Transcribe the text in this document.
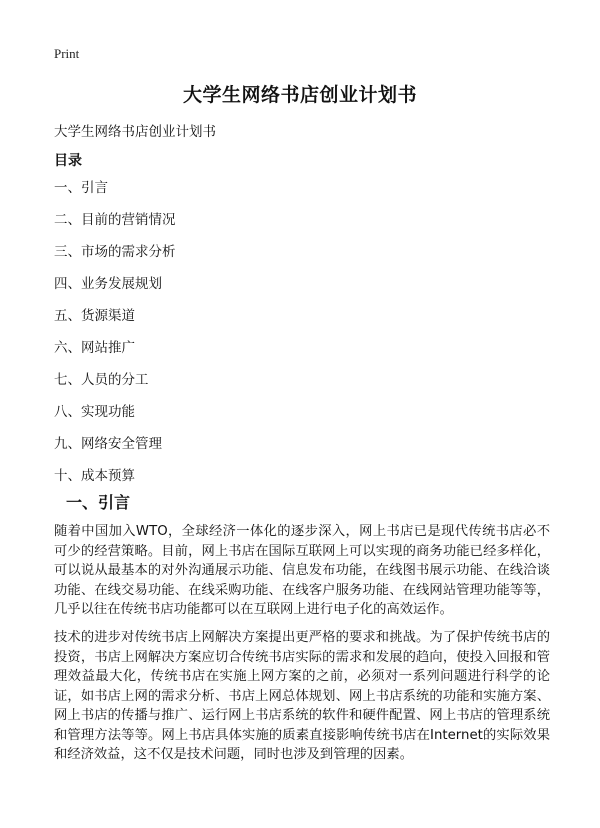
Print
大学生网络书店创业计划书

大学生网络书店创业计划书

目录
一、引言
二、目前的营销情况
三、市场的需求分析
四、业务发展规划
五、货源渠道
六、网站推广
七、人员的分工
八、实现功能
九、网络安全管理
十、成本预算
一、引言

随着中国加入WTO，全球经济一体化的逐步深入，网上书店已是现代传统书店必不可少的经营策略。目前，网上书店在国际互联网上可以实现的商务功能已经多样化，可以说从最基本的对外沟通展示功能、信息发布功能，在线图书展示功能、在线洽谈功能、在线交易功能、在线采购功能、在线客户服务功能、在线网站管理功能等等，几乎以往在传统书店功能都可以在互联网上进行电子化的高效运作。

技术的进步对传统书店上网解决方案提出更严格的要求和挑战。为了保护传统书店的投资，书店上网解决方案应切合传统书店实际的需求和发展的趋向，使投入回报和管理效益最大化，传统书店在实施上网方案的之前，必须对一系列问题进行科学的论证，如书店上网的需求分析、书店上网总体规划、网上书店系统的功能和实施方案、网上书店的传播与推广、运行网上书店系统的软件和硬件配置、网上书店的管理系统和管理方法等等。网上书店具体实施的质素直接影响传统书店在Internet的实际效果和经济效益，这不仅是技术问题，同时也涉及到管理的因素。
